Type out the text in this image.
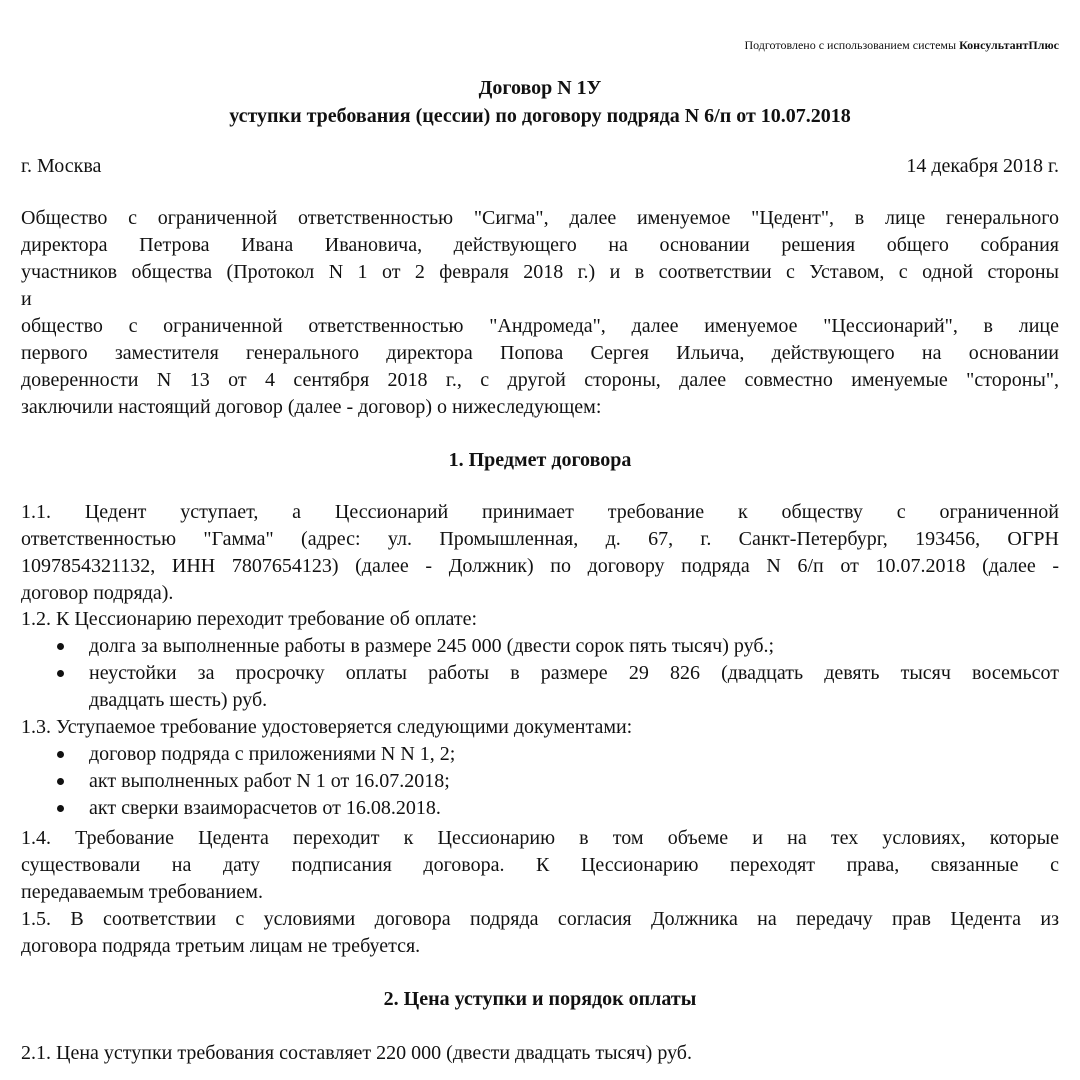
Подготовлено с использованием системы КонсультантПлюс
Договор N 1У
уступки требования (цессии) по договору подряда N 6/п от 10.07.2018
г. Москва	14 декабря 2018 г.
Общество с ограниченной ответственностью "Сигма", далее именуемое "Цедент", в лице генерального
директора Петрова Ивана Ивановича, действующего на основании решения общего собрания
участников общества (Протокол N 1 от 2 февраля 2018 г.) и в соответствии с Уставом, с одной стороны
и
общество с ограниченной ответственностью "Андромеда", далее именуемое "Цессионарий", в лице
первого заместителя генерального директора Попова Сергея Ильича, действующего на основании
доверенности N 13 от 4 сентября 2018 г., с другой стороны, далее совместно именуемые "стороны",
заключили настоящий договор (далее - договор) о нижеследующем:
1. Предмет договора
1.1. Цедент уступает, а Цессионарий принимает требование к обществу с ограниченной
ответственностью "Гамма" (адрес: ул. Промышленная, д. 67, г. Санкт-Петербург, 193456, ОГРН
1097854321132, ИНН 7807654123) (далее - Должник) по договору подряда N 6/п от 10.07.2018 (далее -
договор подряда).
1.2. К Цессионарию переходит требование об оплате:
долга за выполненные работы в размере 245 000 (двести сорок пять тысяч) руб.;
неустойки за просрочку оплаты работы в размере 29 826 (двадцать девять тысяч восемьсот
двадцать шесть) руб.
1.3. Уступаемое требование удостоверяется следующими документами:
договор подряда с приложениями N N 1, 2;
акт выполненных работ N 1 от 16.07.2018;
акт сверки взаиморасчетов от 16.08.2018.
1.4. Требование Цедента переходит к Цессионарию в том объеме и на тех условиях, которые
существовали на дату подписания договора. К Цессионарию переходят права, связанные с
передаваемым требованием.
1.5. В соответствии с условиями договора подряда согласия Должника на передачу прав Цедента из
договора подряда третьим лицам не требуется.
2. Цена уступки и порядок оплаты
2.1. Цена уступки требования составляет 220 000 (двести двадцать тысяч) руб.
